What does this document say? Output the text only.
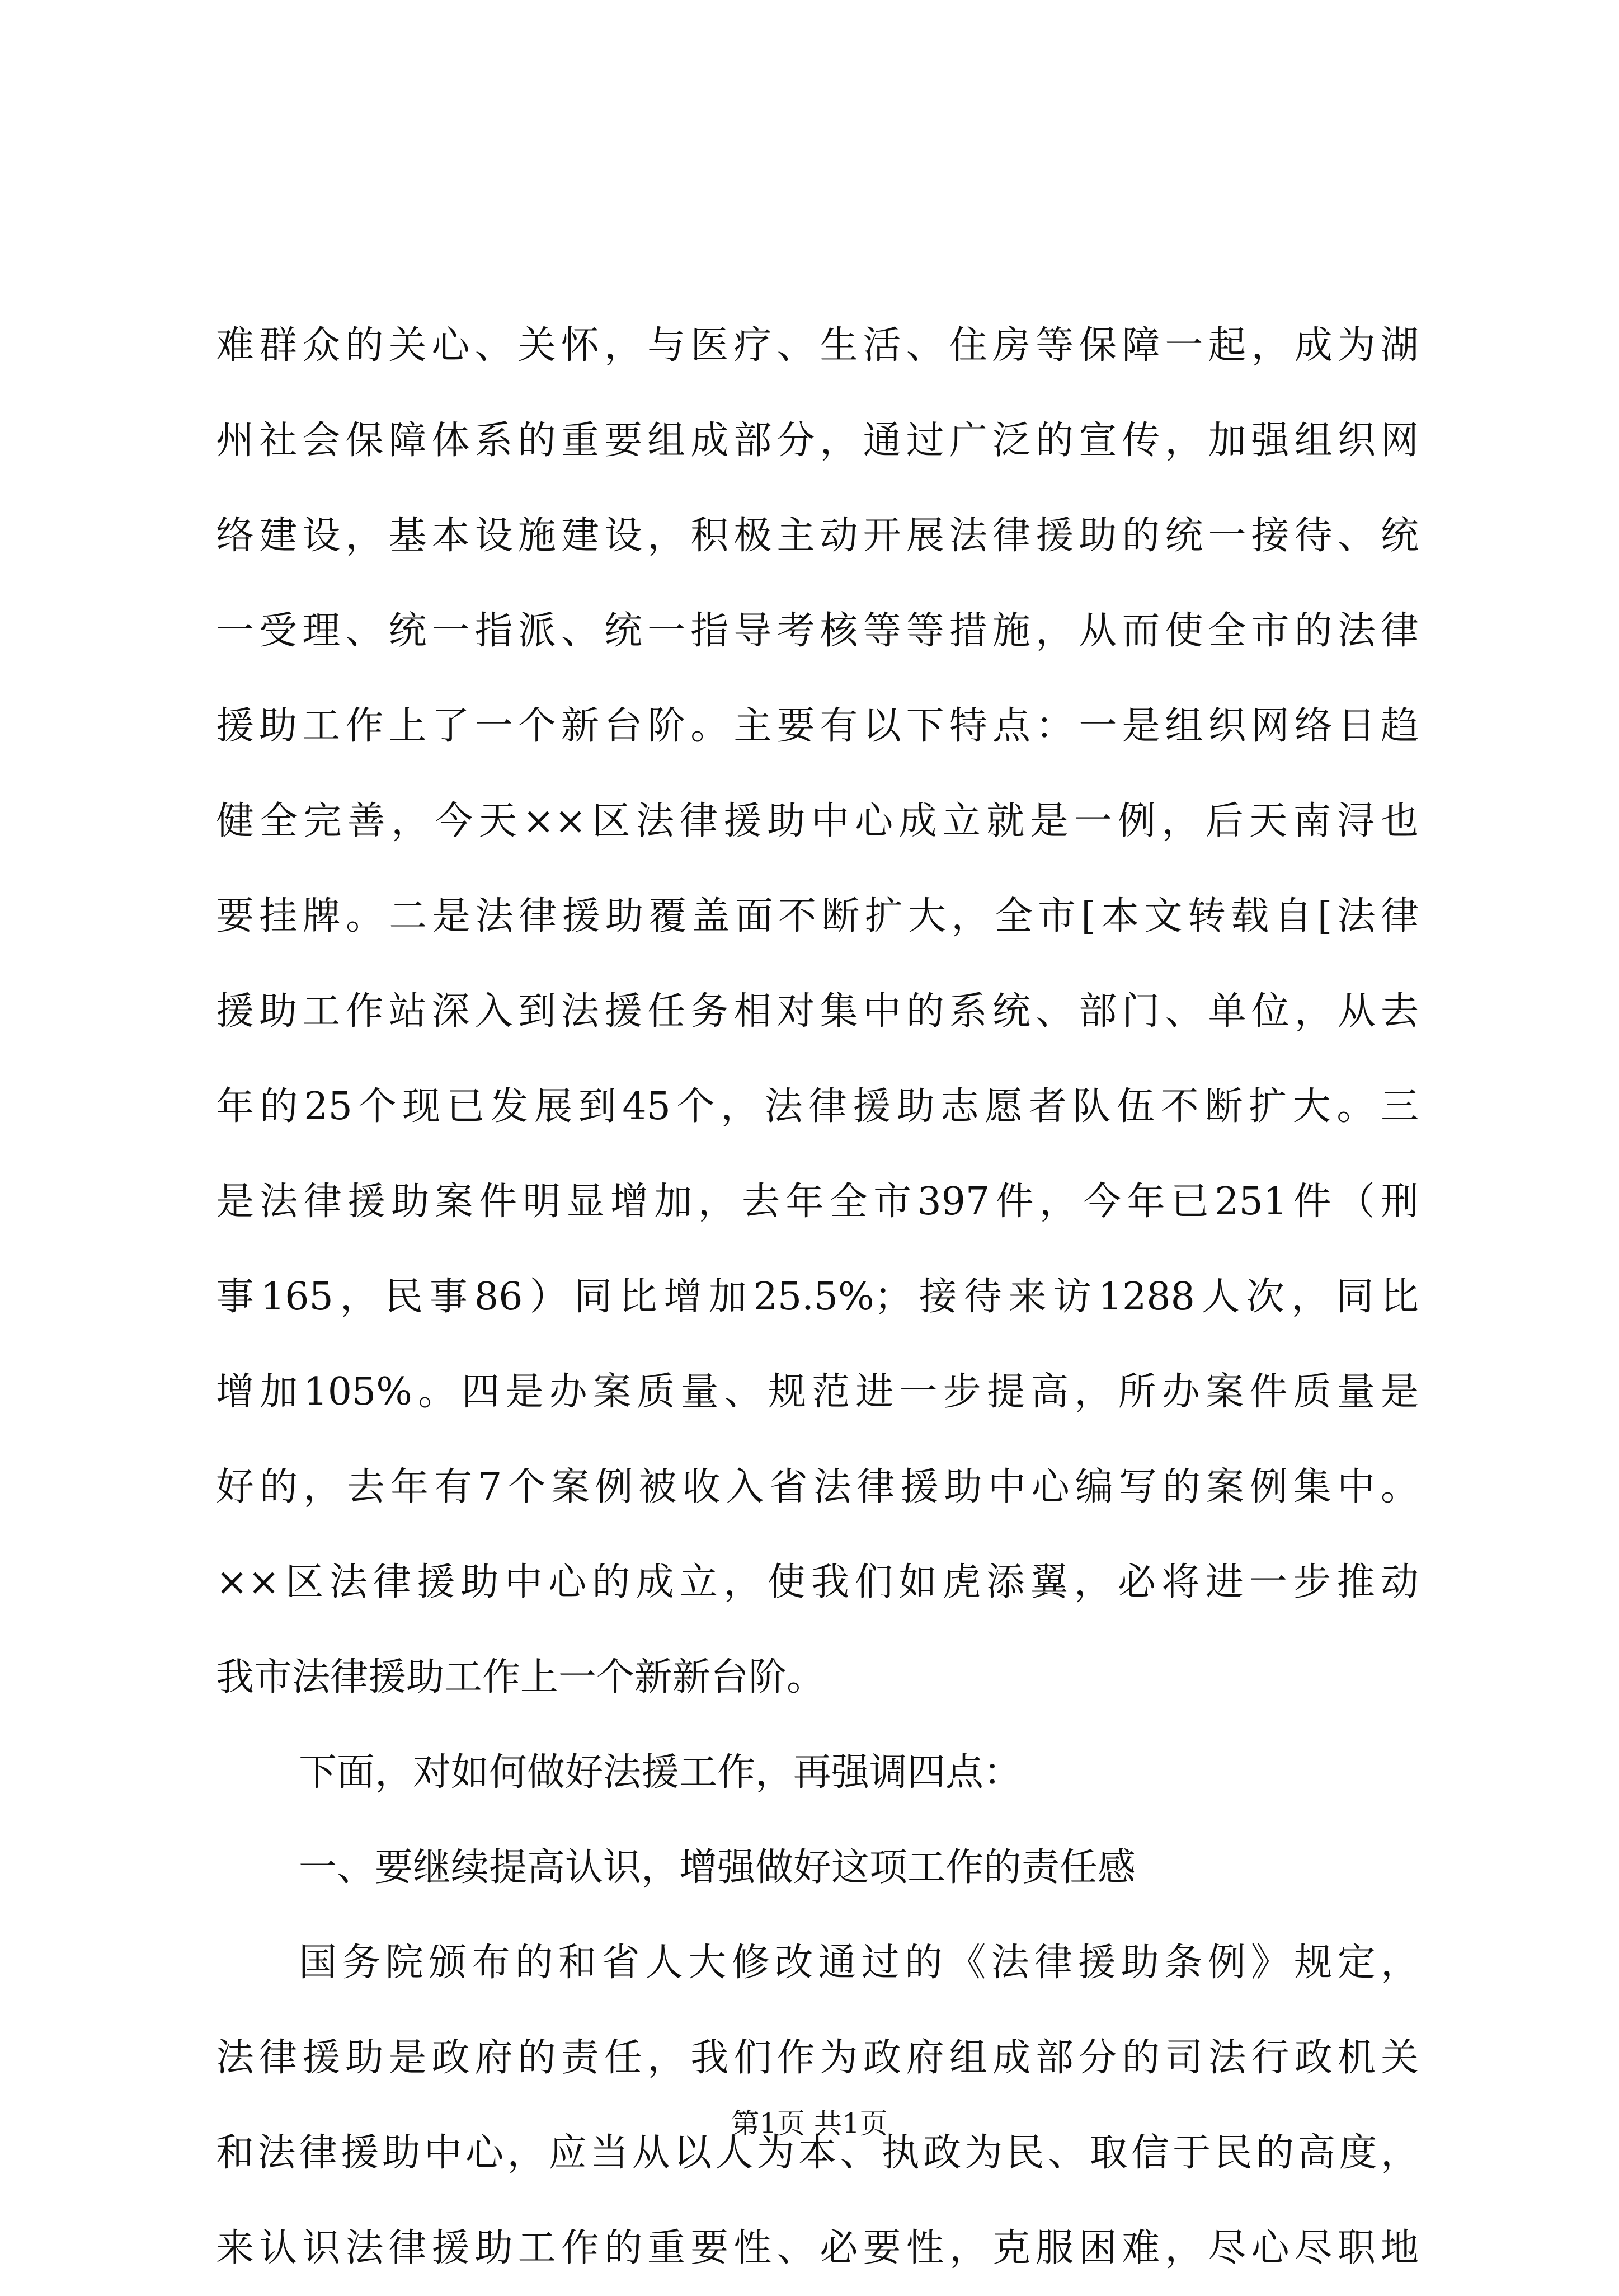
难群众的关心、关怀，与医疗、生活、住房等保障一起，成为湖
州社会保障体系的重要组成部分，通过广泛的宣传，加强组织网
络建设，基本设施建设，积极主动开展法律援助的统一接待、统
一受理、统一指派、统一指导考核等等措施，从而使全市的法律
援助工作上了一个新台阶。主要有以下特点：一是组织网络日趋
健全完善，今天××区法律援助中心成立就是一例，后天南浔也
要挂牌。二是法律援助覆盖面不断扩大，全市[本文转载自[法律
援助工作站深入到法援任务相对集中的系统、部门、单位，从去
年的25个现已发展到45个，法律援助志愿者队伍不断扩大。三
是法律援助案件明显增加，去年全市397件，今年已251件（刑
事165，民事86）同比增加25.5%；接待来访1288人次，同比
增加105%。四是办案质量、规范进一步提高，所办案件质量是
好的，去年有7个案例被收入省法律援助中心编写的案例集中。
××区法律援助中心的成立，使我们如虎添翼，必将进一步推动
我市法律援助工作上一个新新台阶。
下面，对如何做好法援工作，再强调四点：
一、要继续提高认识，增强做好这项工作的责任感
国务院颁布的和省人大修改通过的《法律援助条例》规定，
法律援助是政府的责任，我们作为政府组成部分的司法行政机关
和法律援助中心，应当从以人为本、执政为民、取信于民的高度，
来认识法律援助工作的重要性、必要性，克服困难，尽心尽职地
第1页 共1页
